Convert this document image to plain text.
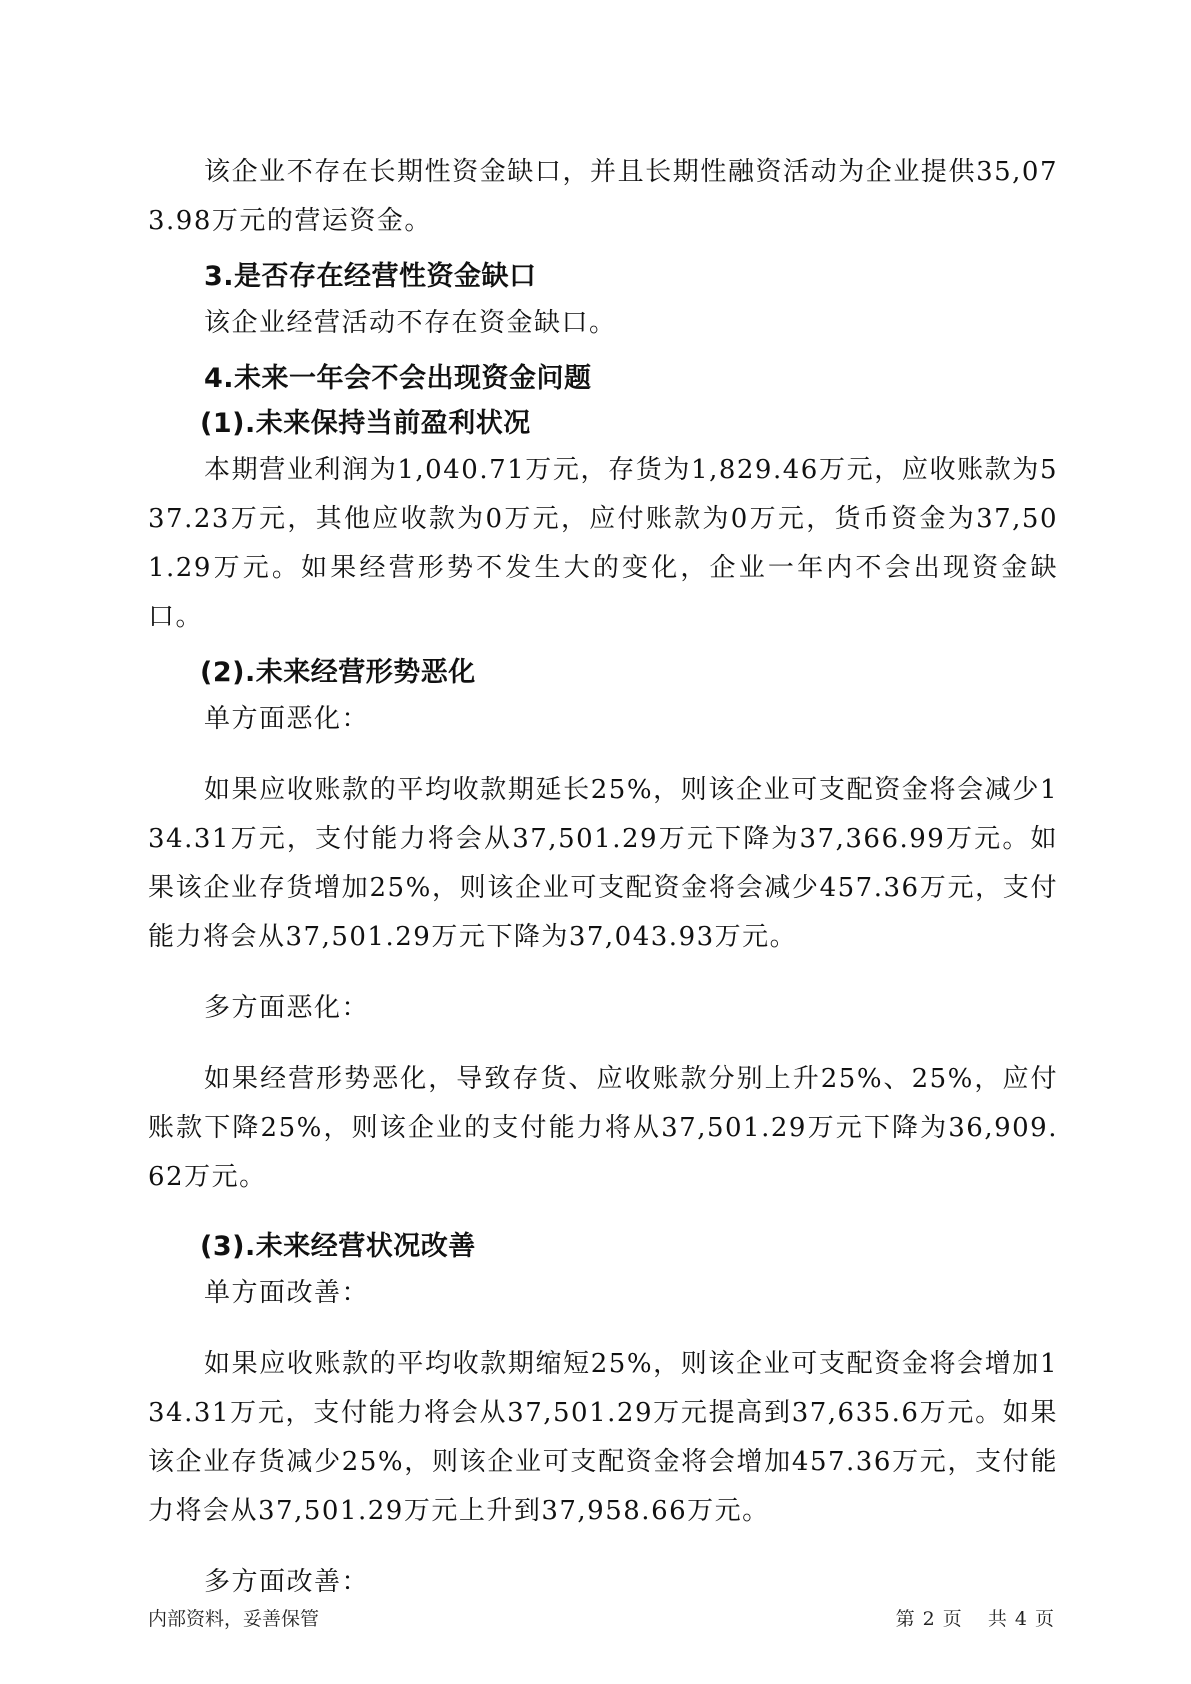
该企业不存在长期性资金缺口，并且长期性融资活动为企业提供35,073.98万元的营运资金。

3.是否存在经营性资金缺口

该企业经营活动不存在资金缺口。

4.未来一年会不会出现资金问题

(1).未来保持当前盈利状况

本期营业利润为1,040.71万元，存货为1,829.46万元，应收账款为537.23万元，其他应收款为0万元，应付账款为0万元，货币资金为37,501.29万元。如果经营形势不发生大的变化，企业一年内不会出现资金缺口。

(2).未来经营形势恶化

单方面恶化：

如果应收账款的平均收款期延长25%，则该企业可支配资金将会减少134.31万元，支付能力将会从37,501.29万元下降为37,366.99万元。如果该企业存货增加25%，则该企业可支配资金将会减少457.36万元，支付能力将会从37,501.29万元下降为37,043.93万元。

多方面恶化：

如果经营形势恶化，导致存货、应收账款分别上升25%、25%，应付账款下降25%，则该企业的支付能力将从37,501.29万元下降为36,909.62万元。

(3).未来经营状况改善

单方面改善：

如果应收账款的平均收款期缩短25%，则该企业可支配资金将会增加134.31万元，支付能力将会从37,501.29万元提高到37,635.6万元。如果该企业存货减少25%，则该企业可支配资金将会增加457.36万元，支付能力将会从37,501.29万元上升到37,958.66万元。

多方面改善：

内部资料，妥善保管	第 2 页 共 4 页
